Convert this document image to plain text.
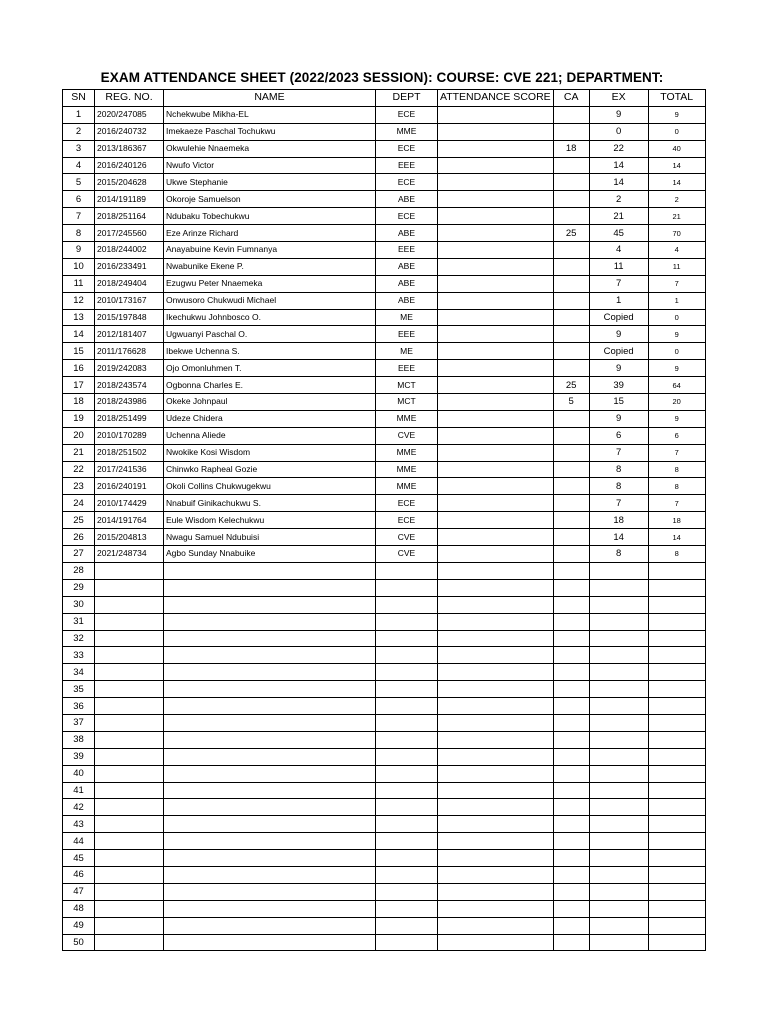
EXAM ATTENDANCE SHEET (2022/2023 SESSION): COURSE: CVE 221; DEPARTMENT:
SN	REG. NO.	NAME	DEPT	ATTENDANCE SCORE	CA	EX	TOTAL
1	2020/247085	Nchekwube Mikha-EL	ECE			9	9
2	2016/240732	Imekaeze Paschal Tochukwu	MME			0	0
3	2013/186367	Okwulehie Nnaemeka	ECE		18	22	40
4	2016/240126	Nwufo Victor	EEE			14	14
5	2015/204628	Ukwe Stephanie	ECE			14	14
6	2014/191189	Okoroje Samuelson	ABE			2	2
7	2018/251164	Ndubaku Tobechukwu	ECE			21	21
8	2017/245560	Eze Arinze Richard	ABE		25	45	70
9	2018/244002	Anayabuine Kevin Fumnanya	EEE			4	4
10	2016/233491	Nwabunike Ekene P.	ABE			11	11
11	2018/249404	Ezugwu Peter Nnaemeka	ABE			7	7
12	2010/173167	Onwusoro Chukwudi Michael	ABE			1	1
13	2015/197848	Ikechukwu Johnbosco O.	ME			Copied	0
14	2012/181407	Ugwuanyi Paschal O.	EEE			9	9
15	2011/176628	Ibekwe Uchenna S.	ME			Copied	0
16	2019/242083	Ojo Omonluhmen T.	EEE			9	9
17	2018/243574	Ogbonna Charles E.	MCT		25	39	64
18	2018/243986	Okeke Johnpaul	MCT		5	15	20
19	2018/251499	Udeze Chidera	MME			9	9
20	2010/170289	Uchenna Aliede	CVE			6	6
21	2018/251502	Nwokike Kosi Wisdom	MME			7	7
22	2017/241536	Chinwko Rapheal Gozie	MME			8	8
23	2016/240191	Okoli Collins Chukwugekwu	MME			8	8
24	2010/174429	Nnabuif Ginikachukwu S.	ECE			7	7
25	2014/191764	Eule Wisdom Kelechukwu	ECE			18	18
26	2015/204813	Nwagu Samuel Ndubuisi	CVE			14	14
27	2021/248734	Agbo Sunday Nnabuike	CVE			8	8
28							
29							
30							
31							
32							
33							
34							
35							
36							
37							
38							
39							
40							
41							
42							
43							
44							
45							
46							
47							
48							
49							
50							
